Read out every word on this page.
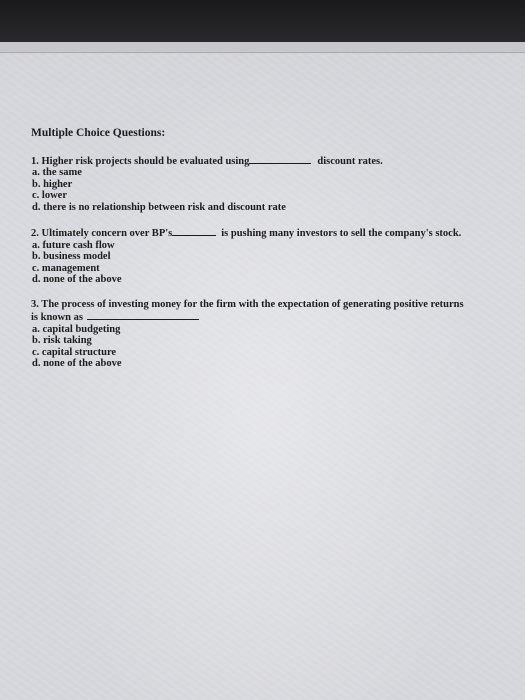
Multiple Choice Questions:
1. Higher risk projects should be evaluated using	discount rates.
a. the same
b. higher
c. lower
d. there is no relationship between risk and discount rate
2. Ultimately concern over BP's	is pushing many investors to sell the company's stock.
a. future cash flow
b. business model
c. management
d. none of the above
3. The process of investing money for the firm with the expectation of generating positive returns
is known as
a. capital budgeting
b. risk taking
c. capital structure
d. none of the above
